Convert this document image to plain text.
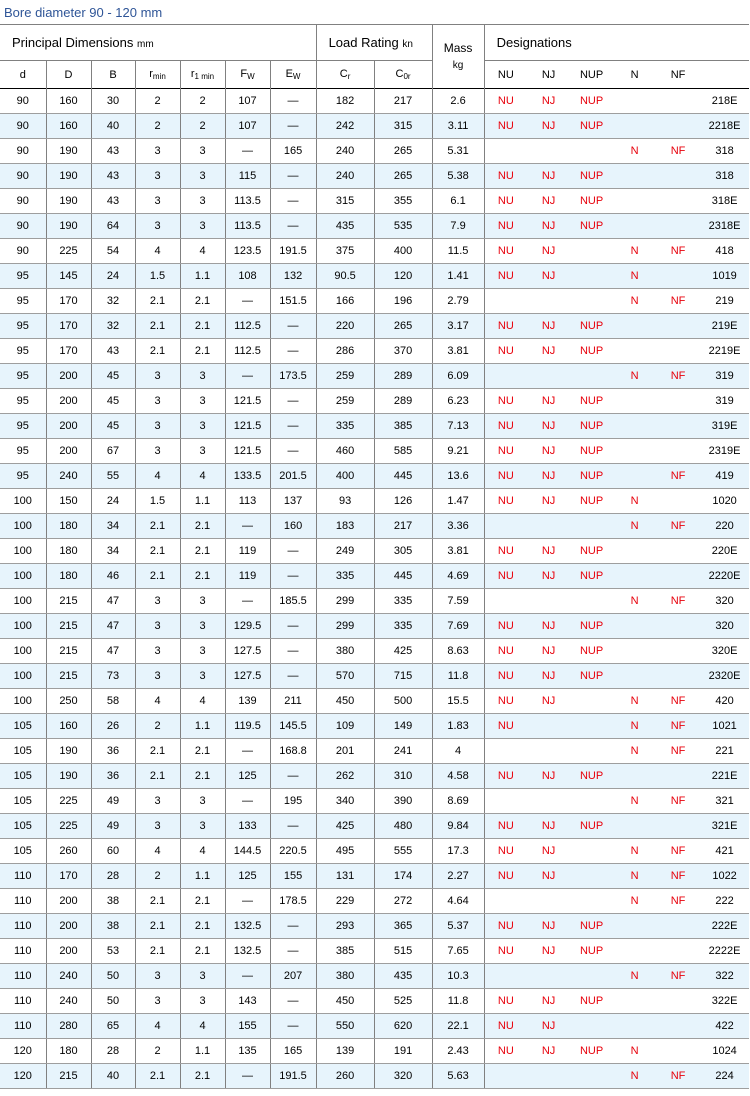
Bore diameter 90 - 120 mm
Principal Dimensions mm							Load Rating kn		Mass
kg	Designations					
d	D	B	$r_{min}$	$r_{1 min}$	$F_W$	$E_W$	$C_r$	$C_{0r}$		NU	NJ	NUP	N	NF	
90	160	30	2	2	107	—	182	217	2.6	NU	NJ	NUP			218E
90	160	40	2	2	107	—	242	315	3.11	NU	NJ	NUP			2218E
90	190	43	3	3	—	165	240	265	5.31				N	NF	318
90	190	43	3	3	115	—	240	265	5.38	NU	NJ	NUP			318
90	190	43	3	3	113.5	—	315	355	6.1	NU	NJ	NUP			318E
90	190	64	3	3	113.5	—	435	535	7.9	NU	NJ	NUP			2318E
90	225	54	4	4	123.5	191.5	375	400	11.5	NU	NJ		N	NF	418
95	145	24	1.5	1.1	108	132	90.5	120	1.41	NU	NJ		N		1019
95	170	32	2.1	2.1	—	151.5	166	196	2.79				N	NF	219
95	170	32	2.1	2.1	112.5	—	220	265	3.17	NU	NJ	NUP			219E
95	170	43	2.1	2.1	112.5	—	286	370	3.81	NU	NJ	NUP			2219E
95	200	45	3	3	—	173.5	259	289	6.09				N	NF	319
95	200	45	3	3	121.5	—	259	289	6.23	NU	NJ	NUP			319
95	200	45	3	3	121.5	—	335	385	7.13	NU	NJ	NUP			319E
95	200	67	3	3	121.5	—	460	585	9.21	NU	NJ	NUP			2319E
95	240	55	4	4	133.5	201.5	400	445	13.6	NU	NJ	NUP		NF	419
100	150	24	1.5	1.1	113	137	93	126	1.47	NU	NJ	NUP	N		1020
100	180	34	2.1	2.1	—	160	183	217	3.36				N	NF	220
100	180	34	2.1	2.1	119	—	249	305	3.81	NU	NJ	NUP			220E
100	180	46	2.1	2.1	119	—	335	445	4.69	NU	NJ	NUP			2220E
100	215	47	3	3	—	185.5	299	335	7.59				N	NF	320
100	215	47	3	3	129.5	—	299	335	7.69	NU	NJ	NUP			320
100	215	47	3	3	127.5	—	380	425	8.63	NU	NJ	NUP			320E
100	215	73	3	3	127.5	—	570	715	11.8	NU	NJ	NUP			2320E
100	250	58	4	4	139	211	450	500	15.5	NU	NJ		N	NF	420
105	160	26	2	1.1	119.5	145.5	109	149	1.83	NU			N	NF	1021
105	190	36	2.1	2.1	—	168.8	201	241	4				N	NF	221
105	190	36	2.1	2.1	125	—	262	310	4.58	NU	NJ	NUP			221E
105	225	49	3	3	—	195	340	390	8.69				N	NF	321
105	225	49	3	3	133	—	425	480	9.84	NU	NJ	NUP			321E
105	260	60	4	4	144.5	220.5	495	555	17.3	NU	NJ		N	NF	421
110	170	28	2	1.1	125	155	131	174	2.27	NU	NJ		N	NF	1022
110	200	38	2.1	2.1	—	178.5	229	272	4.64				N	NF	222
110	200	38	2.1	2.1	132.5	—	293	365	5.37	NU	NJ	NUP			222E
110	200	53	2.1	2.1	132.5	—	385	515	7.65	NU	NJ	NUP			2222E
110	240	50	3	3	—	207	380	435	10.3				N	NF	322
110	240	50	3	3	143	—	450	525	11.8	NU	NJ	NUP			322E
110	280	65	4	4	155	—	550	620	22.1	NU	NJ				422
120	180	28	2	1.1	135	165	139	191	2.43	NU	NJ	NUP	N		1024
120	215	40	2.1	2.1	—	191.5	260	320	5.63				N	NF	224
